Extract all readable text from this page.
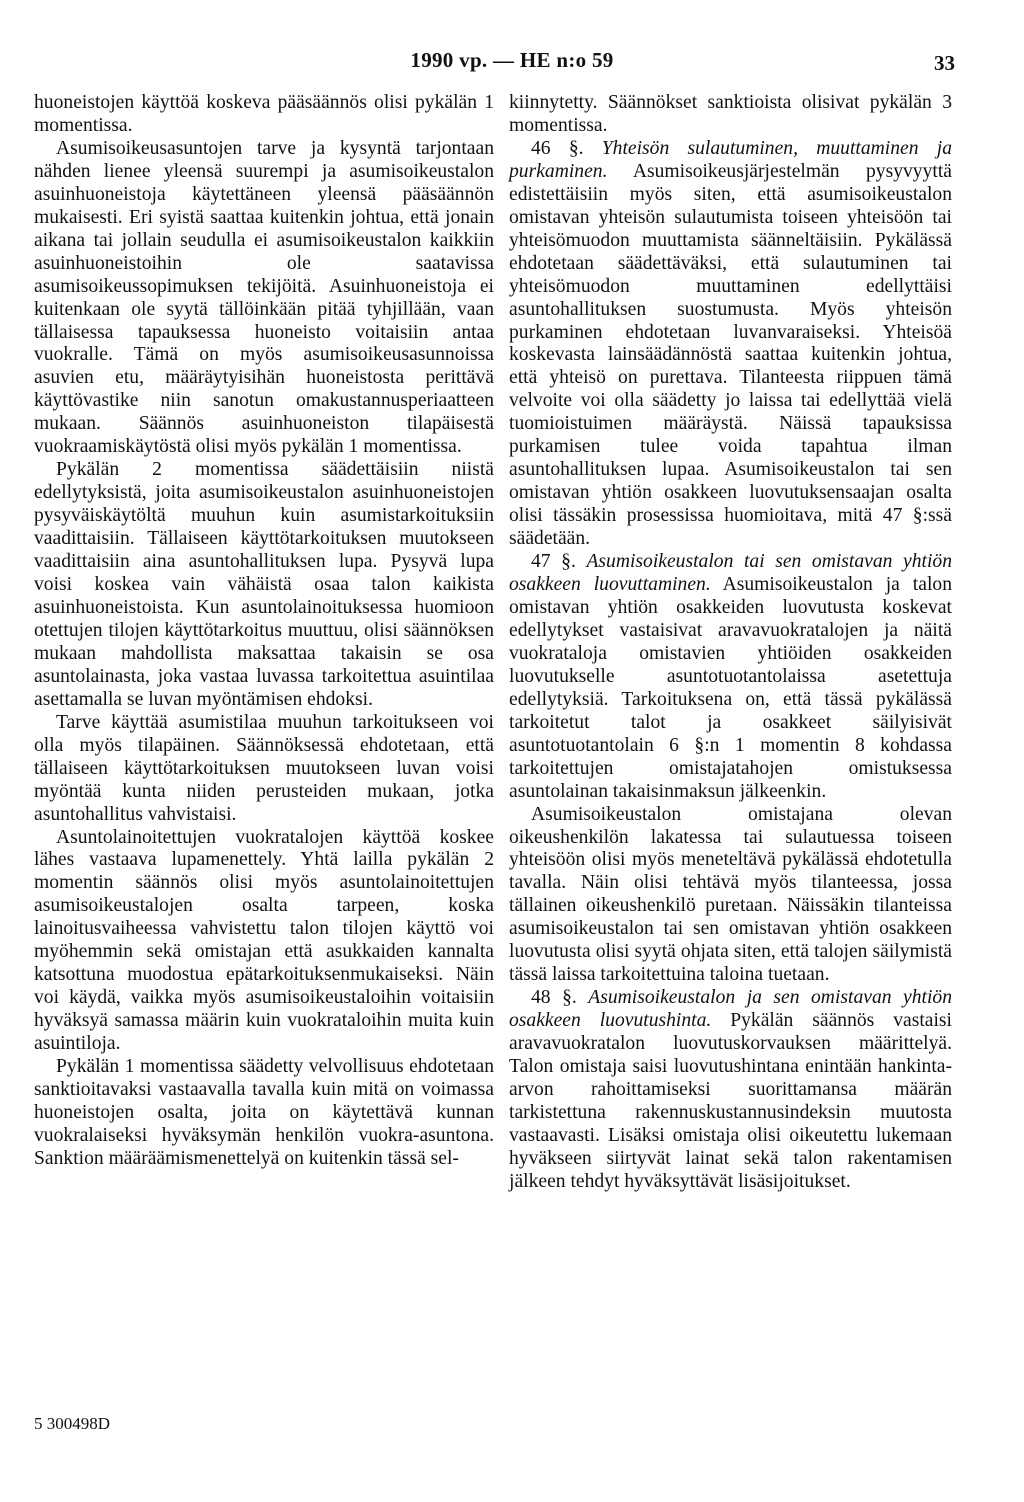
1990 vp. — HE n:o 59	33

huoneistojen käyttöä koskeva pääsäännös olisi pykälän 1 momentissa.

Asumisoikeusasuntojen tarve ja kysyntä tarjontaan nähden lienee yleensä suurempi ja asumisoikeustalon asuinhuoneistoja käytettäneen yleensä pääsäännön mukaisesti. Eri syistä saattaa kuitenkin johtua, että jonain aikana tai jollain seudulla ei asumisoikeustalon kaikkiin asuinhuoneistoihin ole saatavissa asumisoikeussopimuksen tekijöitä. Asuinhuoneistoja ei kuitenkaan ole syytä tällöinkään pitää tyhjillään, vaan tällaisessa tapauksessa huoneisto voitaisiin antaa vuokralle. Tämä on myös asumisoikeusasunnoissa asuvien etu, määräytyisihän huoneistosta perittävä käyttövastike niin sanotun omakustannusperiaatteen mukaan. Säännös asuinhuoneiston tilapäisestä vuokraamiskäytöstä olisi myös pykälän 1 momentissa.

Pykälän 2 momentissa säädettäisiin niistä edellytyksistä, joita asumisoikeustalon asuinhuoneistojen pysyväiskäytöltä muuhun kuin asumistarkoituksiin vaadittaisiin. Tällaiseen käyttötarkoituksen muutokseen vaadittaisiin aina asuntohallituksen lupa. Pysyvä lupa voisi koskea vain vähäistä osaa talon kaikista asuinhuoneistoista. Kun asuntolainoituksessa huomioon otettujen tilojen käyttötarkoitus muuttuu, olisi säännöksen mukaan mahdollista maksattaa takaisin se osa asuntolainasta, joka vastaa luvassa tarkoitettua asuintilaa asettamalla se luvan myöntämisen ehdoksi.

Tarve käyttää asumistilaa muuhun tarkoitukseen voi olla myös tilapäinen. Säännöksessä ehdotetaan, että tällaiseen käyttötarkoituksen muutokseen luvan voisi myöntää kunta niiden perusteiden mukaan, jotka asuntohallitus vahvistaisi.

Asuntolainoitettujen vuokratalojen käyttöä koskee lähes vastaava lupamenettely. Yhtä lailla pykälän 2 momentin säännös olisi myös asuntolainoitettujen asumisoikeustalojen osalta tarpeen, koska lainoitusvaiheessa vahvistettu talon tilojen käyttö voi myöhemmin sekä omistajan että asukkaiden kannalta katsottuna muodostua epätarkoituksenmukaiseksi. Näin voi käydä, vaikka myös asumisoikeustaloihin voitaisiin hyväksyä samassa määrin kuin vuokrataloihin muita kuin asuintiloja.

Pykälän 1 momentissa säädetty velvollisuus ehdotetaan sanktioitavaksi vastaavalla tavalla kuin mitä on voimassa huoneistojen osalta, joita on käytettävä kunnan vuokralaiseksi hyväksymän henkilön vuokra-asuntona. Sanktion määräämismenettelyä on kuitenkin tässä sel-

kiinnytetty. Säännökset sanktioista olisivat pykälän 3 momentissa.

46 §. Yhteisön sulautuminen, muuttaminen ja purkaminen. Asumisoikeusjärjestelmän pysyvyyttä edistettäisiin myös siten, että asumisoikeustalon omistavan yhteisön sulautumista toiseen yhteisöön tai yhteisömuodon muuttamista säänneltäisiin. Pykälässä ehdotetaan säädettäväksi, että sulautuminen tai yhteisömuodon muuttaminen edellyttäisi asuntohallituksen suostumusta. Myös yhteisön purkaminen ehdotetaan luvanvaraiseksi. Yhteisöä koskevasta lainsäädännöstä saattaa kuitenkin johtua, että yhteisö on purettava. Tilanteesta riippuen tämä velvoite voi olla säädetty jo laissa tai edellyttää vielä tuomioistuimen määräystä. Näissä tapauksissa purkamisen tulee voida tapahtua ilman asuntohallituksen lupaa. Asumisoikeustalon tai sen omistavan yhtiön osakkeen luovutuksensaajan osalta olisi tässäkin prosessissa huomioitava, mitä 47 §:ssä säädetään.

47 §. Asumisoikeustalon tai sen omistavan yhtiön osakkeen luovuttaminen. Asumisoikeustalon ja talon omistavan yhtiön osakkeiden luovutusta koskevat edellytykset vastaisivat aravavuokratalojen ja näitä vuokrataloja omistavien yhtiöiden osakkeiden luovutukselle asuntotuotantolaissa asetettuja edellytyksiä. Tarkoituksena on, että tässä pykälässä tarkoitetut talot ja osakkeet säilyisivät asuntotuotantolain 6 §:n 1 momentin 8 kohdassa tarkoitettujen omistajatahojen omistuksessa asuntolainan takaisinmaksun jälkeenkin.

Asumisoikeustalon omistajana olevan oikeushenkilön lakatessa tai sulautuessa toiseen yhteisöön olisi myös meneteltävä pykälässä ehdotetulla tavalla. Näin olisi tehtävä myös tilanteessa, jossa tällainen oikeushenkilö puretaan. Näissäkin tilanteissa asumisoikeustalon tai sen omistavan yhtiön osakkeen luovutusta olisi syytä ohjata siten, että talojen säilymistä tässä laissa tarkoitettuina taloina tuetaan.

48 §. Asumisoikeustalon ja sen omistavan yhtiön osakkeen luovutushinta. Pykälän säännös vastaisi aravavuokratalon luovutuskorvauksen määrittelyä. Talon omistaja saisi luovutushintana enintään hankinta-arvon rahoittamiseksi suorittamansa määrän tarkistettuna rakennuskustannusindeksin muutosta vastaavasti. Lisäksi omistaja olisi oikeutettu lukemaan hyväkseen siirtyvät lainat sekä talon rakentamisen jälkeen tehdyt hyväksyttävät lisäsijoitukset.

5 300498D
